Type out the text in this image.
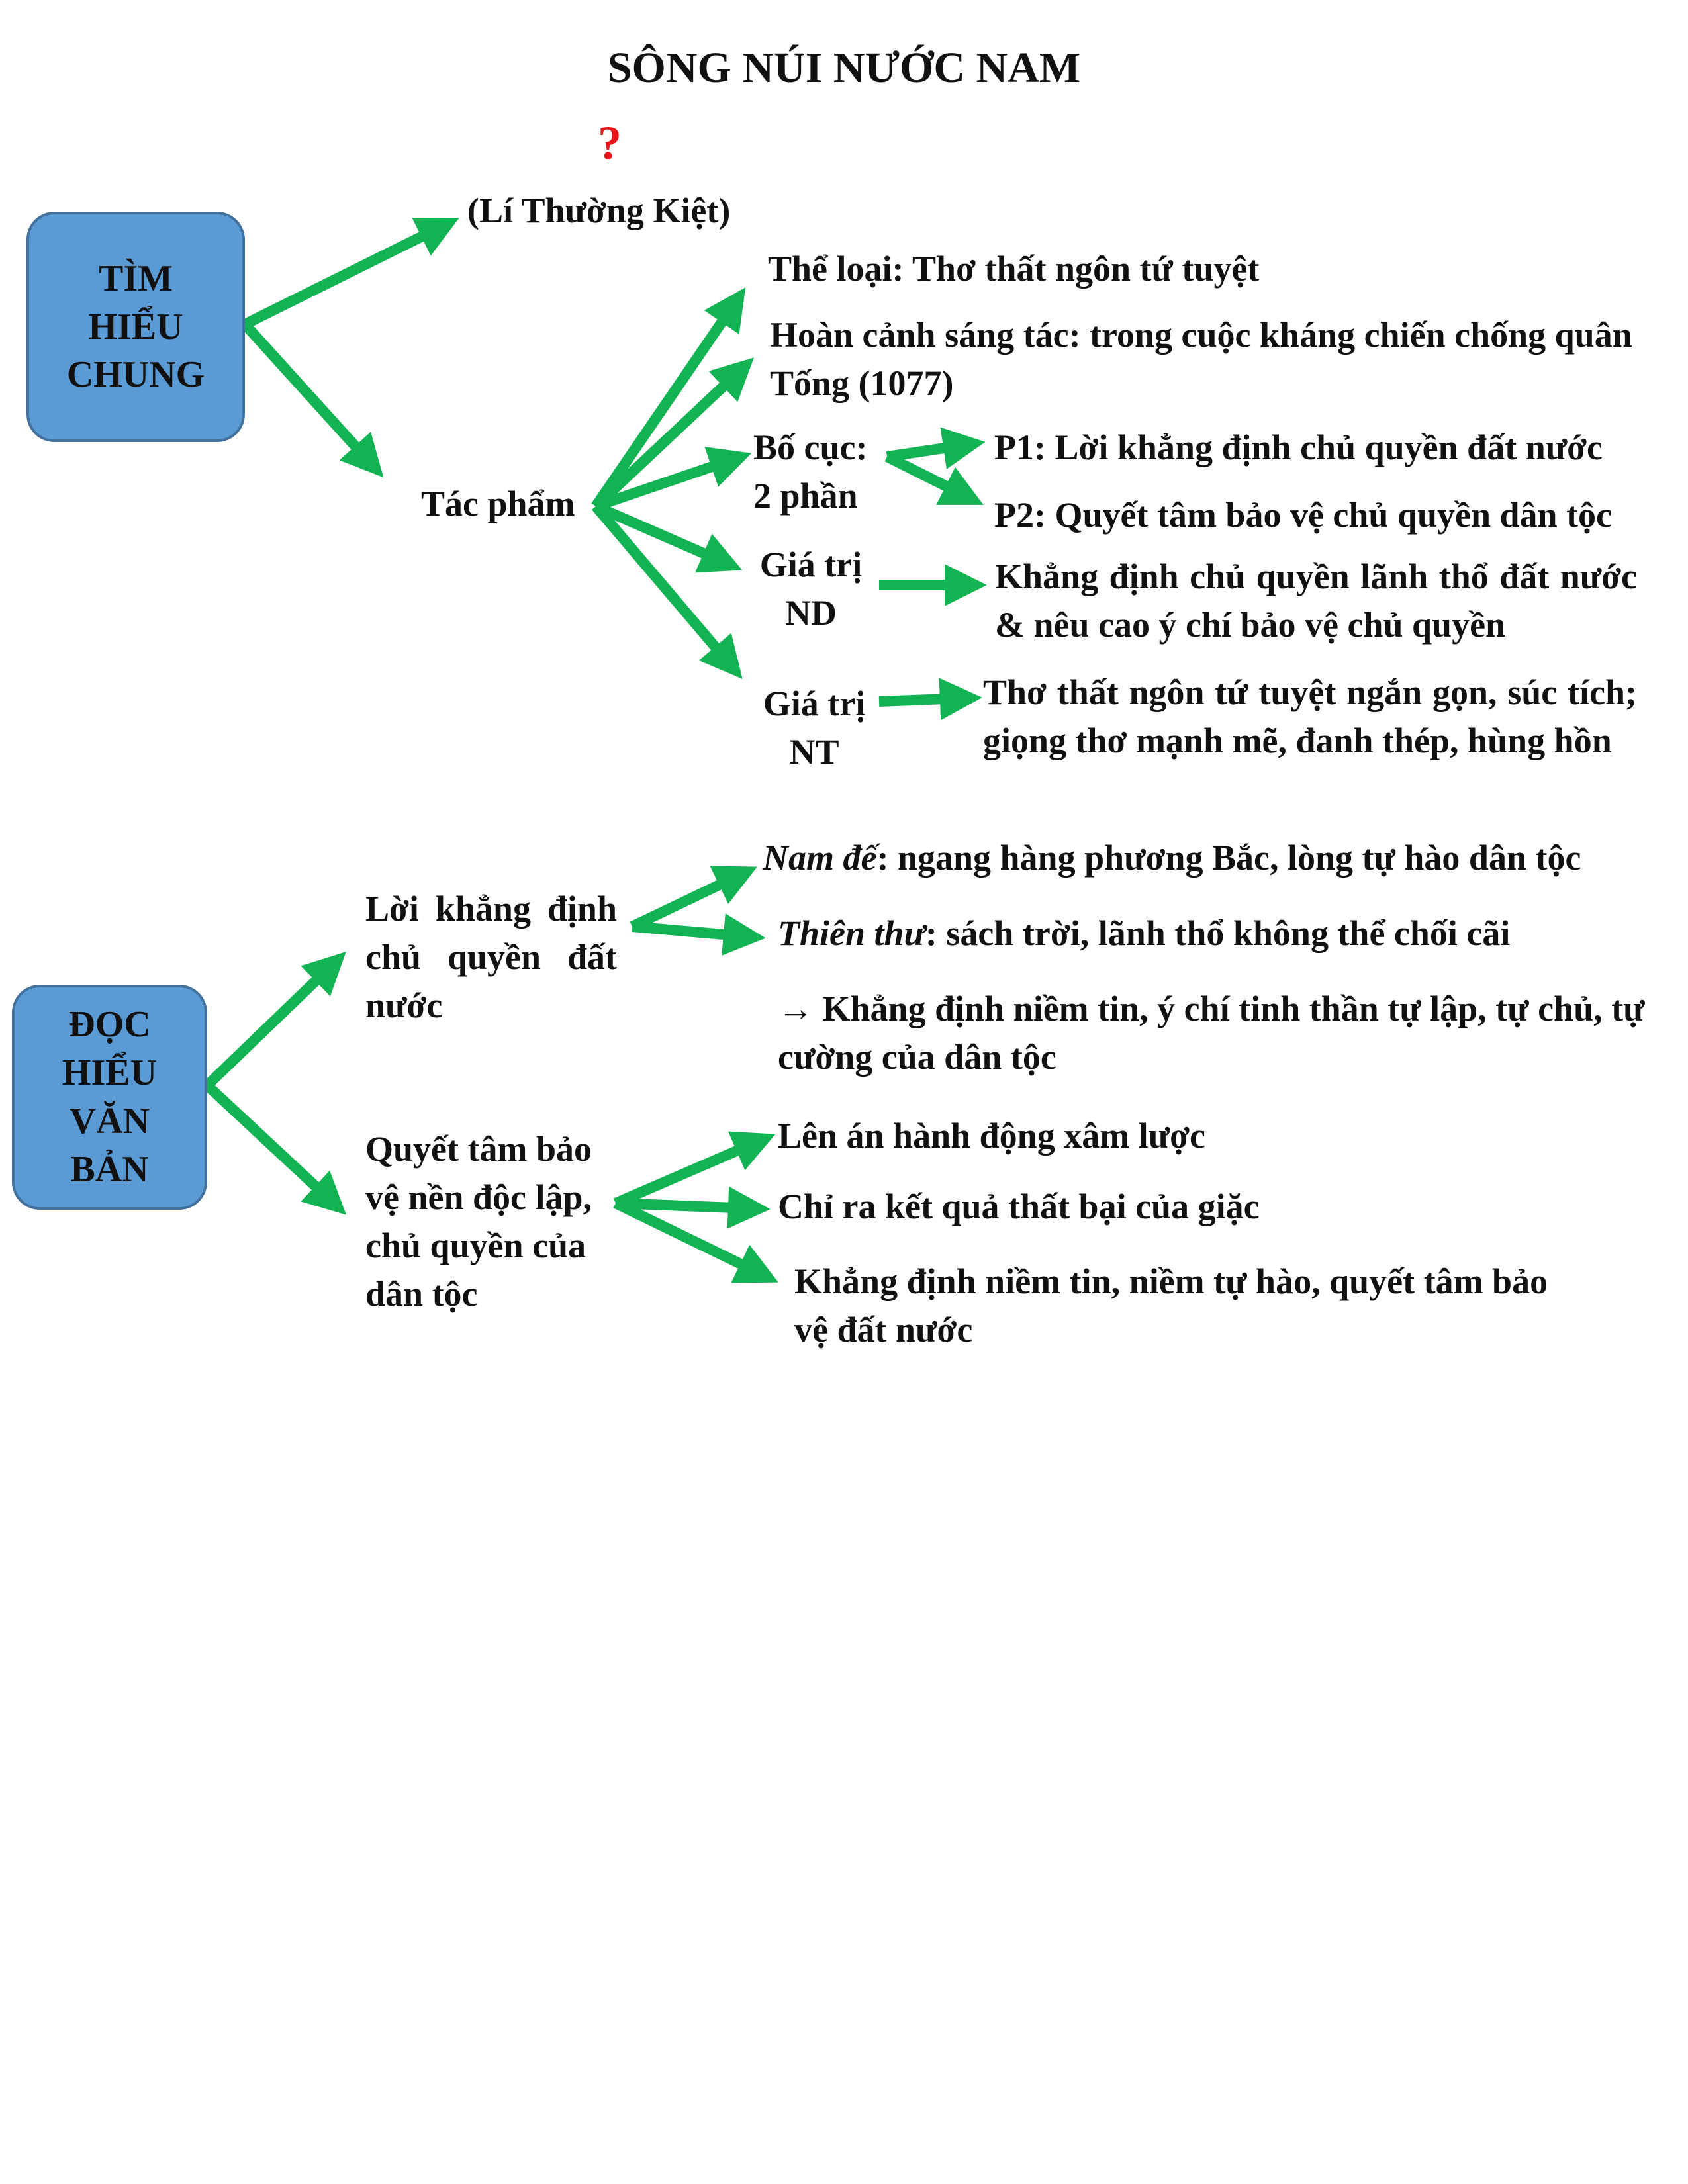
SÔNG NÚI NƯỚC NAM
?
TÌM
HIỂU
CHUNG
(Lí Thường Kiệt)
Tác phẩm
Thể loại: Thơ thất ngôn tứ tuyệt
Hoàn cảnh sáng tác: trong cuộc kháng chiến chống quân Tống (1077)
Bố cục:
2 phần
P1: Lời khẳng định chủ quyền đất nước
P2: Quyết tâm bảo vệ chủ quyền dân tộc
Giá trị
ND
Khẳng định chủ quyền lãnh thổ đất nước & nêu cao ý chí bảo vệ chủ quyền
Giá trị
NT
Thơ thất ngôn tứ tuyệt ngắn gọn, súc tích; giọng thơ mạnh mẽ, đanh thép, hùng hồn
ĐỌC
HIỂU
VĂN
BẢN
Lời khẳng định chủ quyền đất nước
Nam đế: ngang hàng phương Bắc, lòng tự hào dân tộc
Thiên thư: sách trời, lãnh thổ không thể chối cãi
→ Khẳng định niềm tin, ý chí tinh thần tự lập, tự chủ, tự cường của dân tộc
Quyết tâm bảo vệ nền độc lập, chủ quyền của dân tộc
Lên án hành động xâm lược
Chỉ ra kết quả thất bại của giặc
Khẳng định niềm tin, niềm tự hào, quyết tâm bảo vệ đất nước
